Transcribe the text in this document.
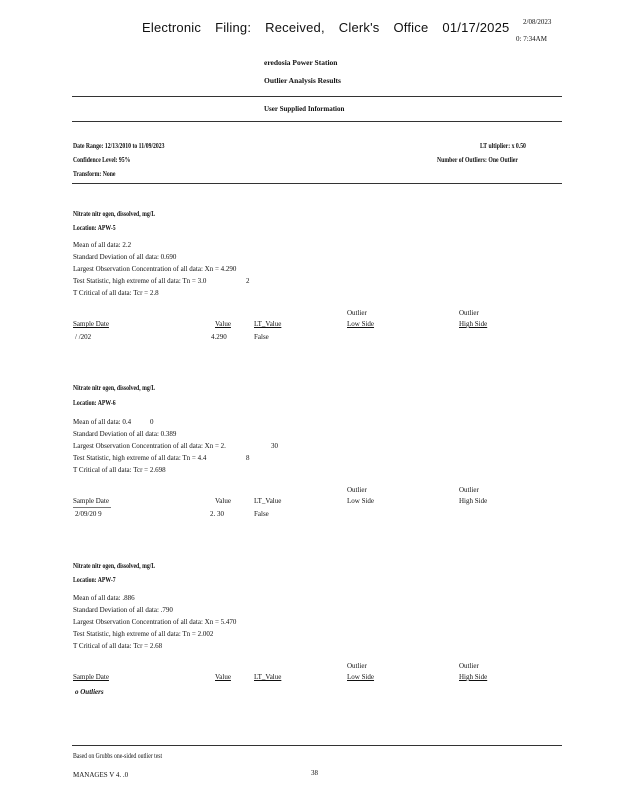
Electronic Filing: Received, Clerk's Office 01/17/2025	2/08/2023
0: 7:34AM
eredosia Power Station
Outlier Analysis Results
User Supplied Information
Date Range: 12/13/2010 to 11/09/2023
Confidence Level: 95%
Transform: None
LT ultiplier: x 0.50
Number of Outliers: One Outlier
Nitrate nitr ogen, dissolved, mg/L
Location: APW-5
Mean of all data: 2.2
Standard Deviation of all data: 0.690
Largest Observation Concentration of all data: Xn = 4.290
Test Statistic, high extreme of all data: Tn = 3.0	2
T Critical of all data: Tcr = 2.8
Outlier	Outlier
Sample Date	Value	LT_Value	Low Side	High Side
/ /202	4.290	False
Nitrate nitr ogen, dissolved, mg/L
Location: APW-6
Mean of all data: 0.4	0
Standard Deviation of all data: 0.389
Largest Observation Concentration of all data: Xn = 2.	30
Test Statistic, high extreme of all data: Tn = 4.4	8
T Critical of all data: Tcr = 2.698
Outlier	Outlier
Sample Date	Value	LT_Value	Low Side	High Side
2/09/20 9	2. 30	False
Nitrate nitr ogen, dissolved, mg/L
Location: APW-7
Mean of all data: .886
Standard Deviation of all data: .790
Largest Observation Concentration of all data: Xn = 5.470
Test Statistic, high extreme of all data: Tn = 2.002
T Critical of all data: Tcr = 2.68
Outlier	Outlier
Sample Date	Value	LT_Value	Low Side	High Side
o Outliers
Based on Grubbs one-sided outlier test
MANAGES V 4. .0	38
